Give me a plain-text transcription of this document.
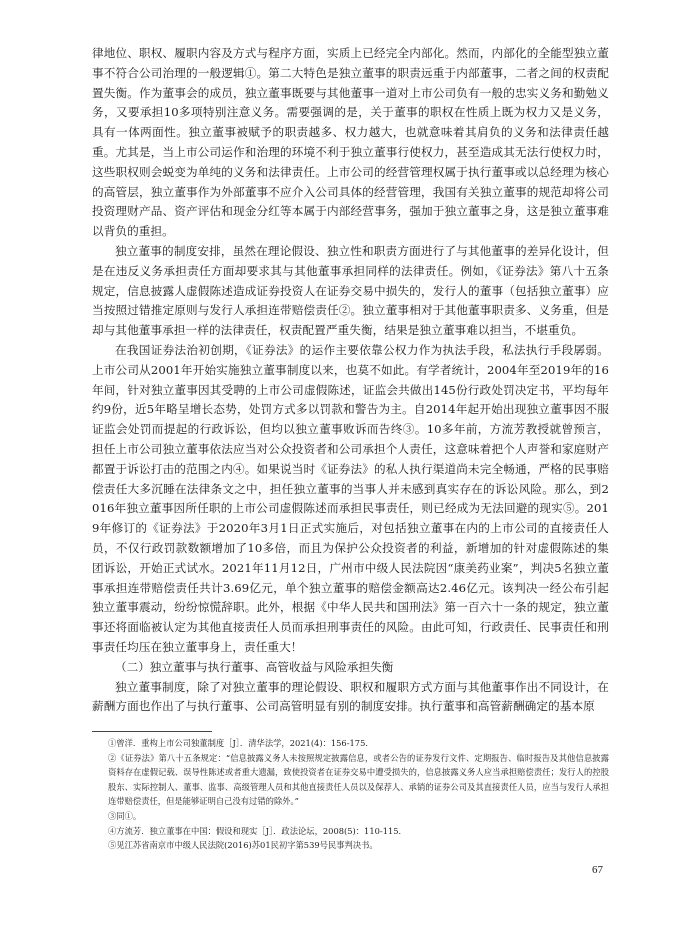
律地位、职权、履职内容及方式与程序方面，实质上已经完全内部化。然而，内部化的全能型独立董事不符合公司治理的一般逻辑①。第二大特色是独立董事的职责远重于内部董事，二者之间的权责配置失衡。作为董事会的成员，独立董事既要与其他董事一道对上市公司负有一般的忠实义务和勤勉义务，又要承担10多项特别注意义务。需要强调的是，关于董事的职权在性质上既为权力又是义务，具有一体两面性。独立董事被赋予的职责越多、权力越大，也就意味着其肩负的义务和法律责任越重。尤其是，当上市公司运作和治理的环境不利于独立董事行使权力，甚至造成其无法行使权力时，这些职权则会蜕变为单纯的义务和法律责任。上市公司的经营管理权属于执行董事或以总经理为核心的高管层，独立董事作为外部董事不应介入公司具体的经营管理，我国有关独立董事的规范却将公司投资理财产品、资产评估和现金分红等本属于内部经营事务，强加于独立董事之身，这是独立董事难以背负的重担。

独立董事的制度安排，虽然在理论假设、独立性和职责方面进行了与其他董事的差异化设计，但是在违反义务承担责任方面却要求其与其他董事承担同样的法律责任。例如，《证券法》第八十五条规定，信息披露人虚假陈述造成证券投资人在证券交易中损失的，发行人的董事（包括独立董事）应当按照过错推定原则与发行人承担连带赔偿责任②。独立董事相对于其他董事职责多、义务重，但是却与其他董事承担一样的法律责任，权责配置严重失衡，结果是独立董事难以担当，不堪重负。

在我国证券法治初创期，《证券法》的运作主要依靠公权力作为执法手段，私法执行手段孱弱。上市公司从2001年开始实施独立董事制度以来，也莫不如此。有学者统计，2004年至2019年的16年间，针对独立董事因其受聘的上市公司虚假陈述，证监会共做出145份行政处罚决定书，平均每年约9份，近5年略呈增长态势，处罚方式多以罚款和警告为主。自2014年起开始出现独立董事因不服证监会处罚而提起的行政诉讼，但均以独立董事败诉而告终③。10多年前，方流芳教授就曾预言，担任上市公司独立董事依法应当对公众投资者和公司承担个人责任，这意味着把个人声誉和家庭财产都置于诉讼打击的范围之内④。如果说当时《证券法》的私人执行渠道尚未完全畅通，严格的民事赔偿责任大多沉睡在法律条文之中，担任独立董事的当事人并未感到真实存在的诉讼风险。那么，到2016年独立董事因所任职的上市公司虚假陈述而承担民事责任，则已经成为无法回避的现实⑤。2019年修订的《证券法》于2020年3月1日正式实施后，对包括独立董事在内的上市公司的直接责任人员，不仅行政罚款数额增加了10多倍，而且为保护公众投资者的利益，新增加的针对虚假陈述的集团诉讼，开始正式试水。2021年11月12日，广州市中级人民法院因“康美药业案”，判决5名独立董事承担连带赔偿责任共计3.69亿元，单个独立董事的赔偿金额高达2.46亿元。该判决一经公布引起独立董事震动，纷纷惊慌辞职。此外，根据《中华人民共和国刑法》第一百六十一条的规定，独立董事还将面临被认定为其他直接责任人员而承担刑事责任的风险。由此可知，行政责任、民事责任和刑事责任均压在独立董事身上，责任重大！

（二）独立董事与执行董事、高管收益与风险承担失衡

独立董事制度，除了对独立董事的理论假设、职权和履职方式方面与其他董事作出不同设计，在薪酬方面也作出了与执行董事、公司高管明显有别的制度安排。执行董事和高管薪酬确定的基本原

①曾洋．重构上市公司独董制度［J］．清华法学，2021(4)：156-175．

②《证券法》第八十五条规定：“信息披露义务人未按照规定披露信息，或者公告的证券发行文件、定期报告、临时报告及其他信息披露资料存在虚假记载、误导性陈述或者重大遗漏，致使投资者在证券交易中遭受损失的，信息披露义务人应当承担赔偿责任；发行人的控股股东、实际控制人、董事、监事、高级管理人员和其他直接责任人员以及保荐人、承销的证券公司及其直接责任人员，应当与发行人承担连带赔偿责任，但是能够证明自己没有过错的除外。”

③同①。

④方流芳．独立董事在中国：假设和现实［J］．政法论坛，2008(5)：110-115．

⑤见江苏省南京市中级人民法院(2016)苏01民初字第539号民事判决书。

67
